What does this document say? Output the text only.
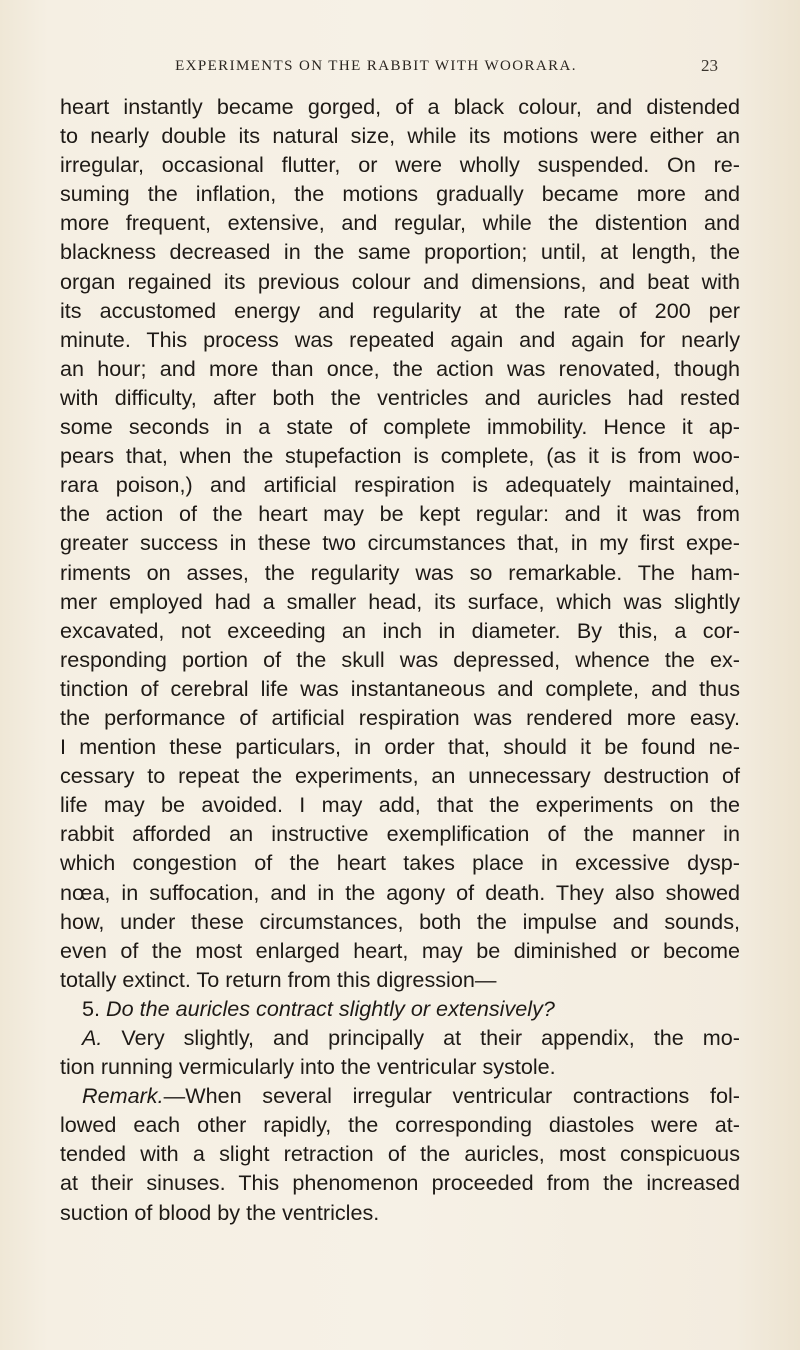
EXPERIMENTS ON THE RABBIT WITH WOORARA.	23

heart instantly became gorged, of a black colour, and distended

to nearly double its natural size, while its motions were either an

irregular, occasional flutter, or were wholly suspended. On re-

suming the inflation, the motions gradually became more and

more frequent, extensive, and regular, while the distention and

blackness decreased in the same proportion; until, at length, the

organ regained its previous colour and dimensions, and beat with

its accustomed energy and regularity at the rate of 200 per

minute. This process was repeated again and again for nearly

an hour; and more than once, the action was renovated, though

with difficulty, after both the ventricles and auricles had rested

some seconds in a state of complete immobility. Hence it ap-

pears that, when the stupefaction is complete, (as it is from woo-

rara poison,) and artificial respiration is adequately maintained,

the action of the heart may be kept regular: and it was from

greater success in these two circumstances that, in my first expe-

riments on asses, the regularity was so remarkable. The ham-

mer employed had a smaller head, its surface, which was slightly

excavated, not exceeding an inch in diameter. By this, a cor-

responding portion of the skull was depressed, whence the ex-

tinction of cerebral life was instantaneous and complete, and thus

the performance of artificial respiration was rendered more easy.

I mention these particulars, in order that, should it be found ne-

cessary to repeat the experiments, an unnecessary destruction of

life may be avoided. I may add, that the experiments on the

rabbit afforded an instructive exemplification of the manner in

which congestion of the heart takes place in excessive dysp-

nœa, in suffocation, and in the agony of death. They also showed

how, under these circumstances, both the impulse and sounds,

even of the most enlarged heart, may be diminished or become

totally extinct. To return from this digression—

5. Do the auricles contract slightly or extensively?

A. Very slightly, and principally at their appendix, the mo-

tion running vermicularly into the ventricular systole.

Remark.—When several irregular ventricular contractions fol-

lowed each other rapidly, the corresponding diastoles were at-

tended with a slight retraction of the auricles, most conspicuous

at their sinuses. This phenomenon proceeded from the increased

suction of blood by the ventricles.
